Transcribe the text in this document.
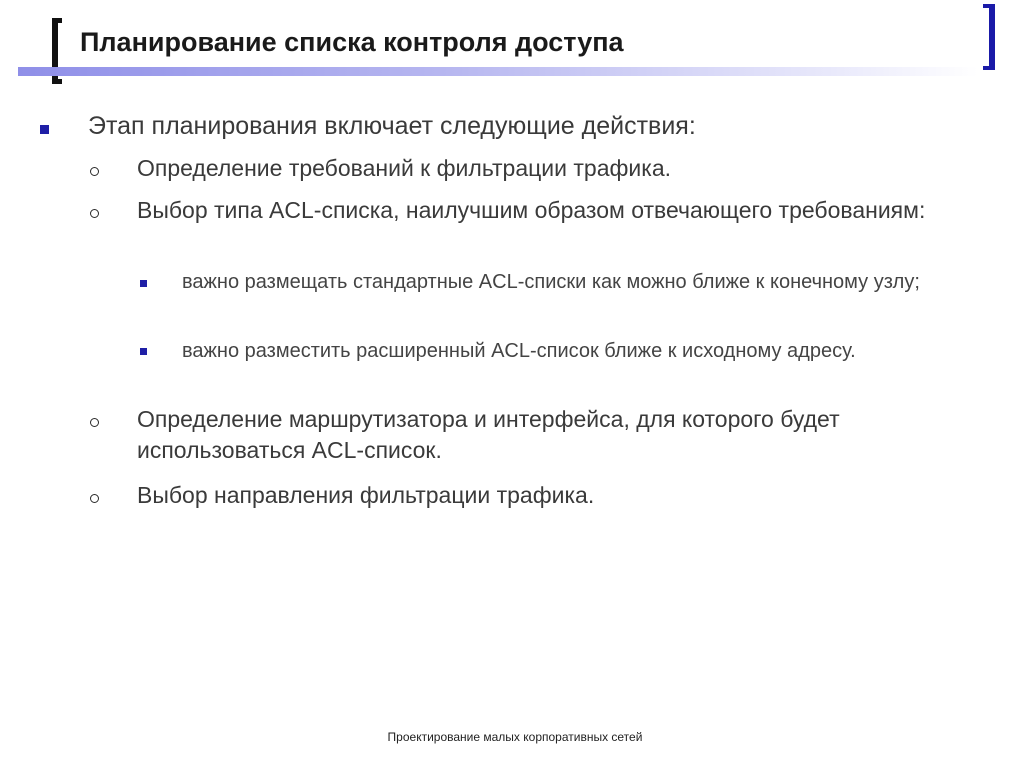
Планирование списка контроля доступа
Этап планирования включает следующие действия:
Определение требований к фильтрации трафика.
Выбор типа ACL-списка, наилучшим образом отвечающего требованиям:
важно размещать стандартные ACL-списки как можно ближе к конечному узлу;
важно разместить расширенный ACL-список ближе к исходному адресу.
Определение маршрутизатора и интерфейса, для которого будет использоваться ACL-список.
Выбор направления фильтрации трафика.
Проектирование малых корпоративных сетей
